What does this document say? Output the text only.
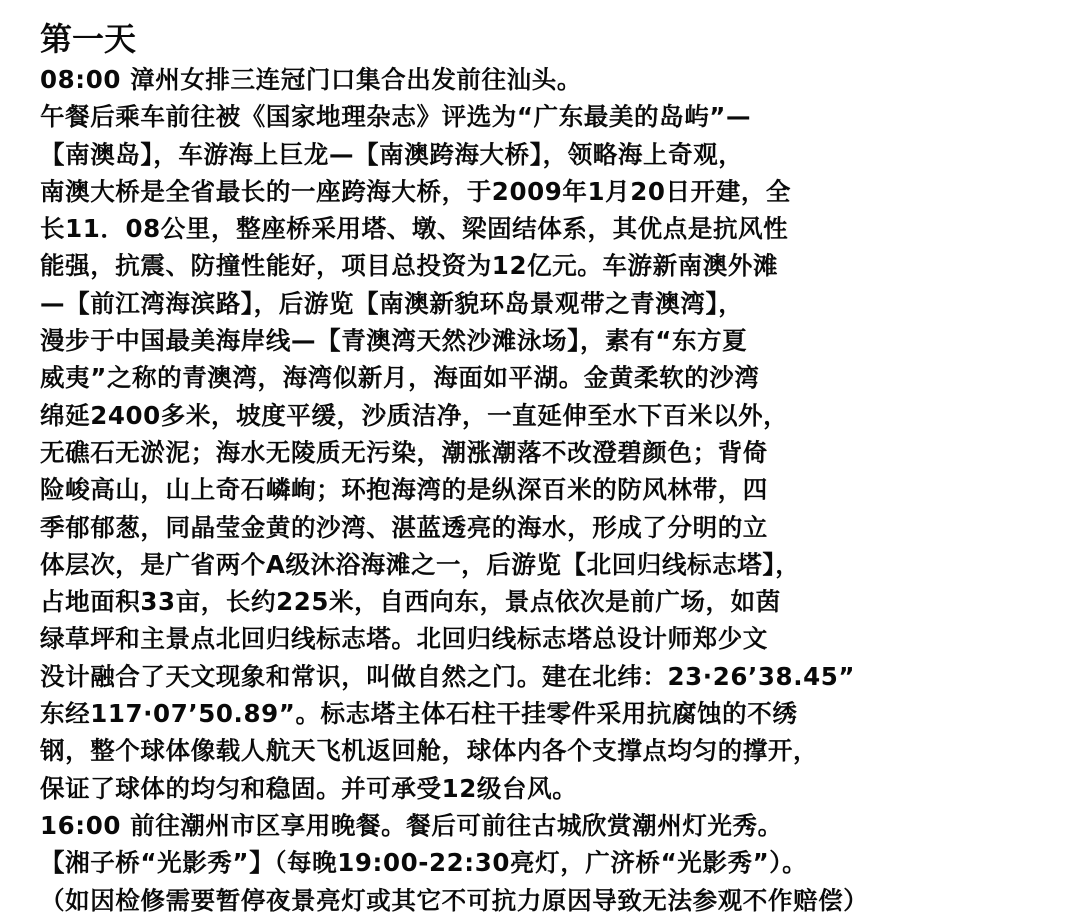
第一天
08:00 漳州女排三连冠门口集合出发前往汕头。
午餐后乘车前往被《国家地理杂志》评选为“广东最美的岛屿”—
【南澳岛】，车游海上巨龙—【南澳跨海大桥】，领略海上奇观，
南澳大桥是全省最长的一座跨海大桥，于2009年1月20日开建，全
长11．08公里，整座桥采用塔、墩、梁固结体系，其优点是抗风性
能强，抗震、防撞性能好，项目总投资为12亿元。车游新南澳外滩
—【前江湾海滨路】，后游览【南澳新貌环岛景观带之青澳湾】，
漫步于中国最美海岸线—【青澳湾天然沙滩泳场】，素有“东方夏
威夷”之称的青澳湾，海湾似新月，海面如平湖。金黄柔软的沙湾
绵延2400多米，坡度平缓，沙质洁净，一直延伸至水下百米以外，
无礁石无淤泥；海水无陵质无污染，潮涨潮落不改澄碧颜色；背倚
险峻高山，山上奇石嶙峋；环抱海湾的是纵深百米的防风林带，四
季郁郁葱，同晶莹金黄的沙湾、湛蓝透亮的海水，形成了分明的立
体层次，是广省两个A级沐浴海滩之一，后游览【北回归线标志塔】，
占地面积33亩，长约225米，自西向东，景点依次是前广场，如茵
绿草坪和主景点北回归线标志塔。北回归线标志塔总设计师郑少文
没计融合了天文现象和常识，叫做自然之门。建在北纬：23·26’38.45”
东经117·07’50.89”。标志塔主体石柱干挂零件采用抗腐蚀的不绣
钢，整个球体像载人航天飞机返回舱，球体内各个支撑点均匀的撑开，
保证了球体的均匀和稳固。并可承受12级台风。
16:00 前往潮州市区享用晚餐。餐后可前往古城欣赏潮州灯光秀。
【湘子桥“光影秀”】（每晚19:00-22:30亮灯，广济桥“光影秀”）。
（如因检修需要暂停夜景亮灯或其它不可抗力原因导致无法参观不作赔偿）
